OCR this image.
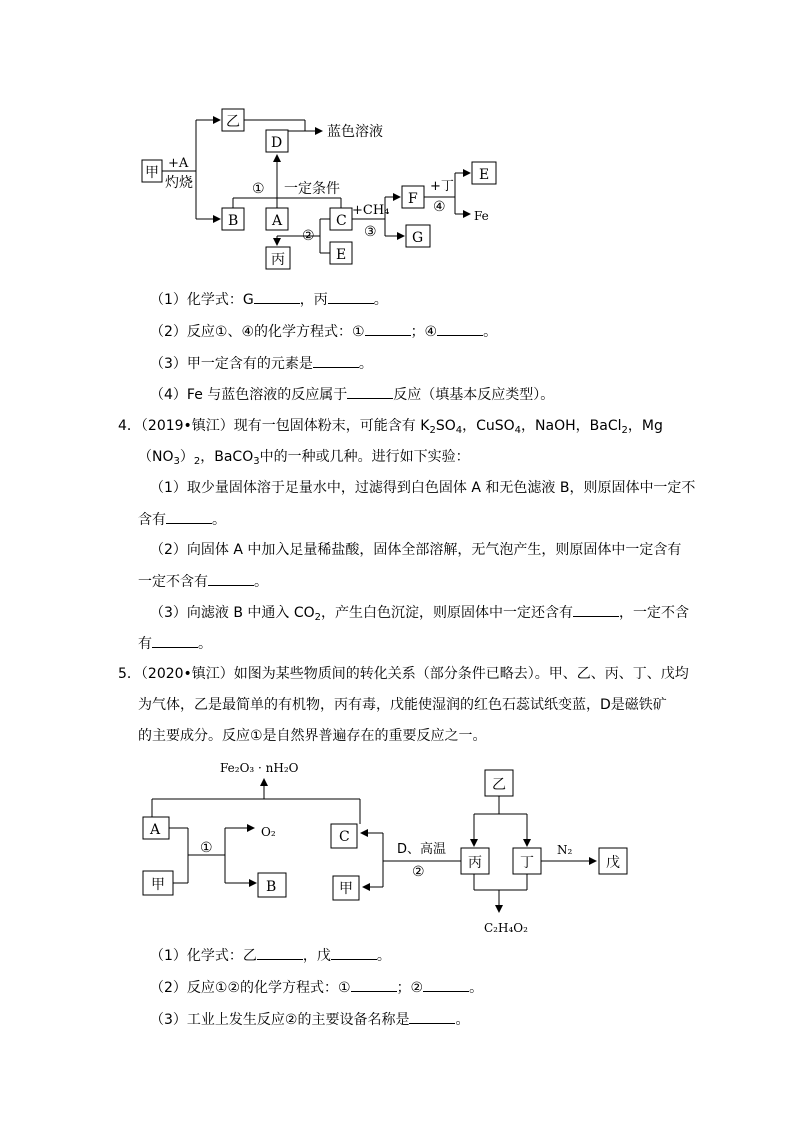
甲
乙
D
B A	C
丙	E
F
G
E
+A
灼烧
蓝色溶液
① 一定条件
+CH₄
②	③
+丁
④
Fe
（1）化学式：G	，丙	。
（2）反应①、④的化学方程式：①	；④	。
（3）甲一定含有的元素是	。
（4）Fe 与蓝色溶液的反应属于	反应（填基本反应类型）。
4．（2019•镇江）现有一包固体粉末，可能含有 $K_2SO_4$，CuSO$_4$，NaOH，BaCl$_2$，Mg
$(NO_3)_2$，BaCO$_3$中的一种或几种。进行如下实验：
（1）取少量固体溶于足量水中，过滤得到白色固体 A 和无色滤液 B，则原固体中一定不
含有	。
（2）向固体 A 中加入足量稀盐酸，固体全部溶解，无气泡产生，则原固体中一定含有
一定不含有	。
（3）向滤液 B 中通入 $CO_2$，产生白色沉淀，则原固体中一定还含有	，一定不含
有	。
5．（2020•镇江）如图为某些物质间的转化关系（部分条件已略去）。甲、乙、丙、丁、戊均
为气体，乙是最简单的有机物，丙有毒，戊能使湿润的红色石蕊试纸变蓝，D是磁铁矿
的主要成分。反应①是自然界普遍存在的重要反应之一。
Fe₂O₃ · nH₂O
A
甲	B
C
甲
丙	丁
乙
戊
①
O₂
D、高温
②
N₂
C₂H₄O₂
（1）化学式：乙	，戊	。
（2）反应①②的化学方程式：①	；②	。
（3）工业上发生反应②的主要设备名称是	。
